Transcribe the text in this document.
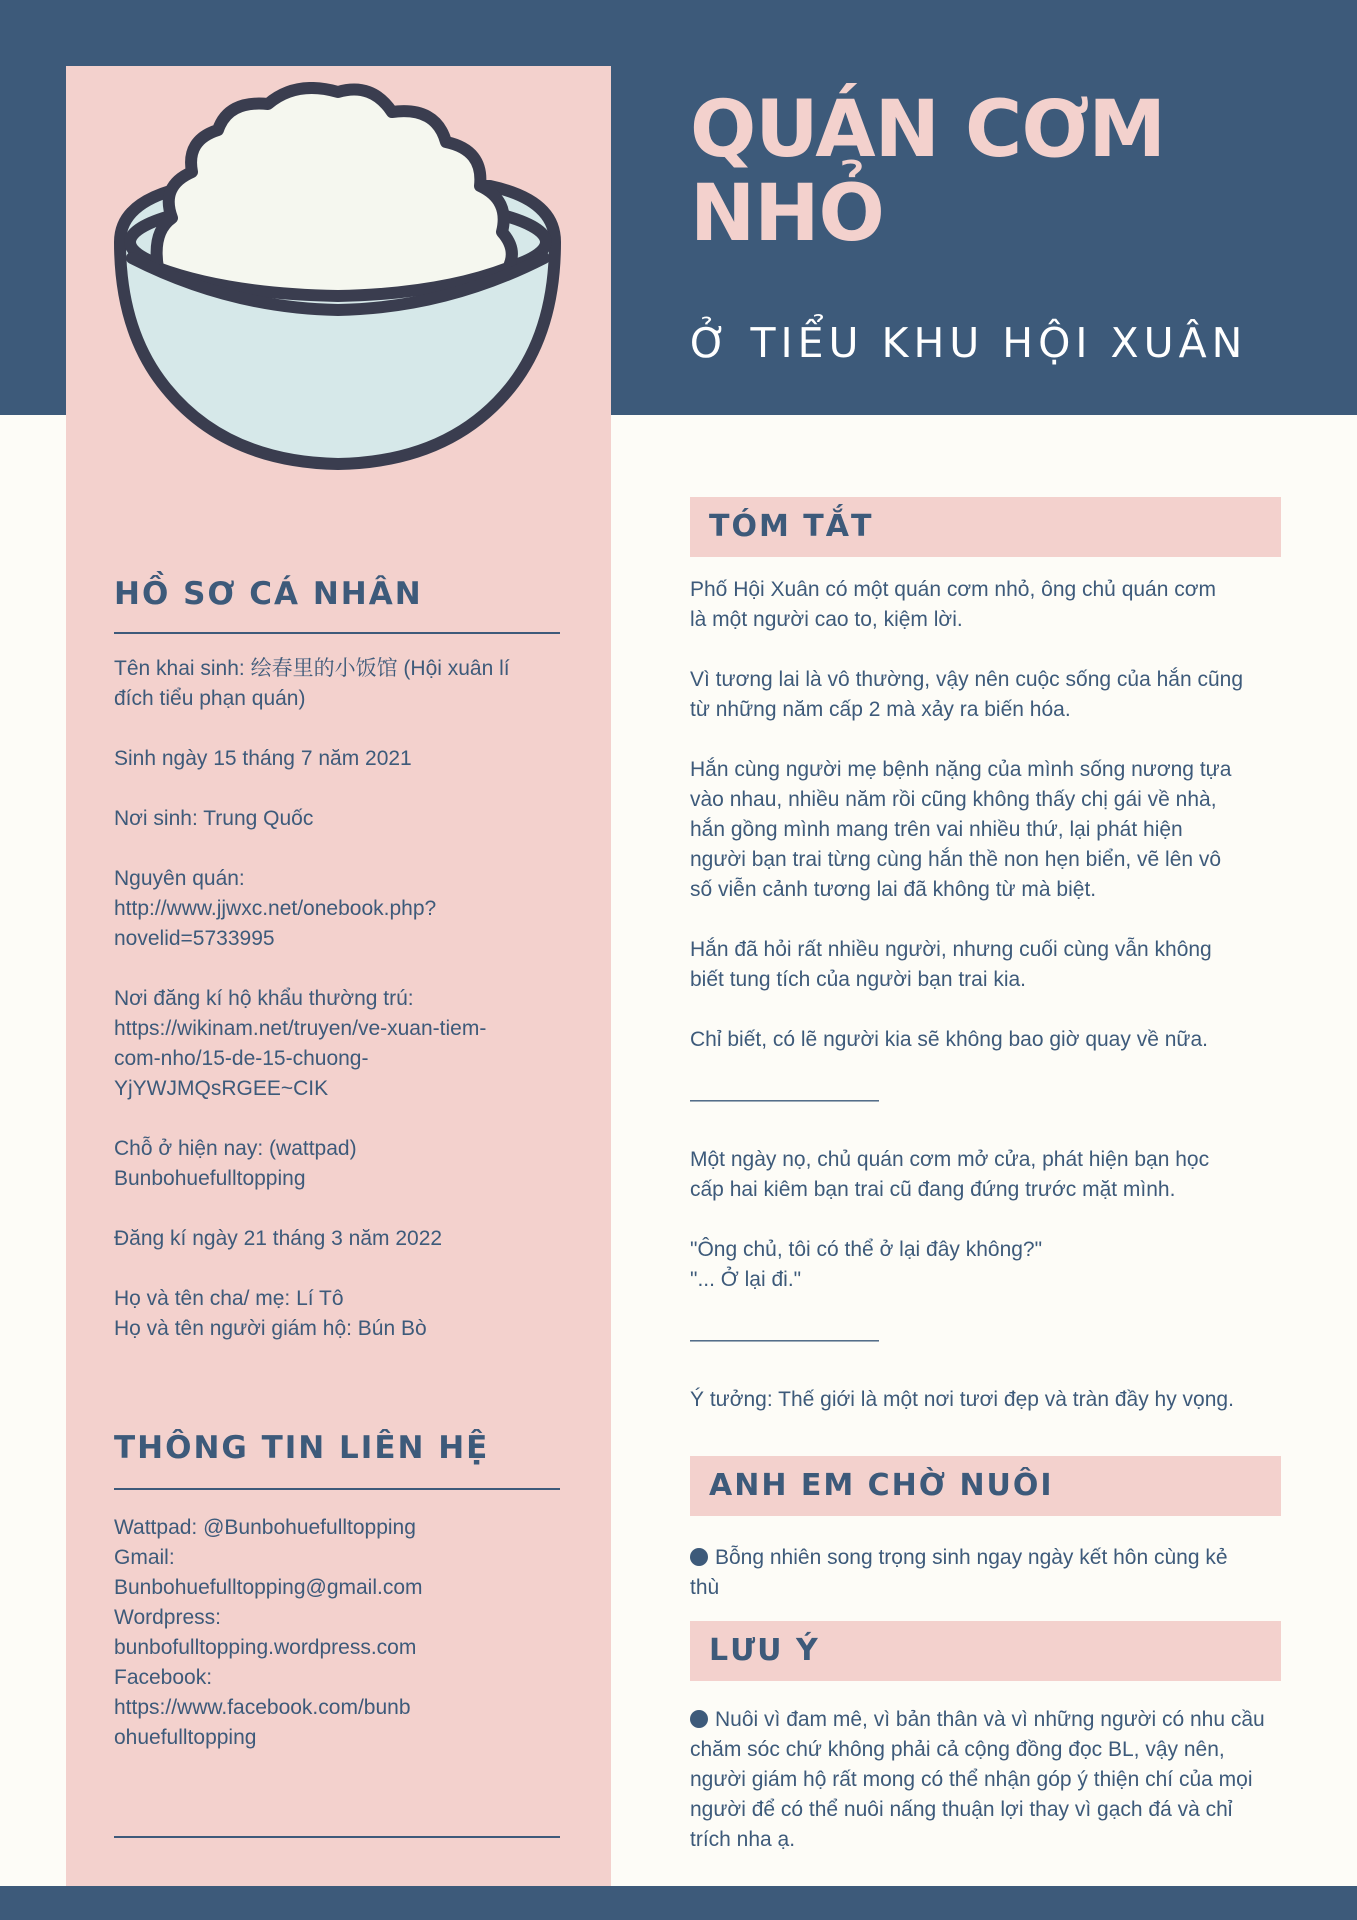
QUÁN CƠM
NHỎ

Ở TIỂU KHU HỘI XUÂN

HỒ SƠ CÁ NHÂN

Tên khai sinh: 绘春里的小饭馆 (Hội xuân lí
đích tiểu phạn quán)

Sinh ngày 15 tháng 7 năm 2021

Nơi sinh: Trung Quốc

Nguyên quán:
http://www.jjwxc.net/onebook.php?
novelid=5733995

Nơi đăng kí hộ khẩu thường trú:
https://wikinam.net/truyen/ve-xuan-tiem-
com-nho/15-de-15-chuong-
YjYWJMQsRGEE~CIK

Chỗ ở hiện nay: (wattpad)
Bunbohuefulltopping

Đăng kí ngày 21 tháng 3 năm 2022

Họ và tên cha/ mẹ: Lí Tô
Họ và tên người giám hộ: Bún Bò

THÔNG TIN LIÊN HỆ
Wattpad: @Bunbohuefulltopping
Gmail:
Bunbohuefulltopping@gmail.com
Wordpress:
bunbofulltopping.wordpress.com
Facebook:
https://www.facebook.com/bunb
ohuefulltopping
TÓM TẮT

Phố Hội Xuân có một quán cơm nhỏ, ông chủ quán cơm
là một người cao to, kiệm lời.

Vì tương lai là vô thường, vậy nên cuộc sống của hắn cũng
từ những năm cấp 2 mà xảy ra biến hóa.

Hắn cùng người mẹ bệnh nặng của mình sống nương tựa
vào nhau, nhiều năm rồi cũng không thấy chị gái về nhà,
hắn gồng mình mang trên vai nhiều thứ, lại phát hiện
người bạn trai từng cùng hắn thề non hẹn biển, vẽ lên vô
số viễn cảnh tương lai đã không từ mà biệt.

Hắn đã hỏi rất nhiều người, nhưng cuối cùng vẫn không
biết tung tích của người bạn trai kia.

Chỉ biết, có lẽ người kia sẽ không bao giờ quay về nữa.

—————————

Một ngày nọ, chủ quán cơm mở cửa, phát hiện bạn học
cấp hai kiêm bạn trai cũ đang đứng trước mặt mình.

"Ông chủ, tôi có thể ở lại đây không?"
"... Ở lại đi."

—————————

Ý tưởng: Thế giới là một nơi tươi đẹp và tràn đầy hy vọng.

ANH EM CHỜ NUÔI
Bỗng nhiên song trọng sinh ngay ngày kết hôn cùng kẻ
thù
LƯU Ý
Nuôi vì đam mê, vì bản thân và vì những người có nhu cầu
chăm sóc chứ không phải cả cộng đồng đọc BL, vậy nên,
người giám hộ rất mong có thể nhận góp ý thiện chí của mọi
người để có thể nuôi nấng thuận lợi thay vì gạch đá và chỉ
trích nha ạ.
